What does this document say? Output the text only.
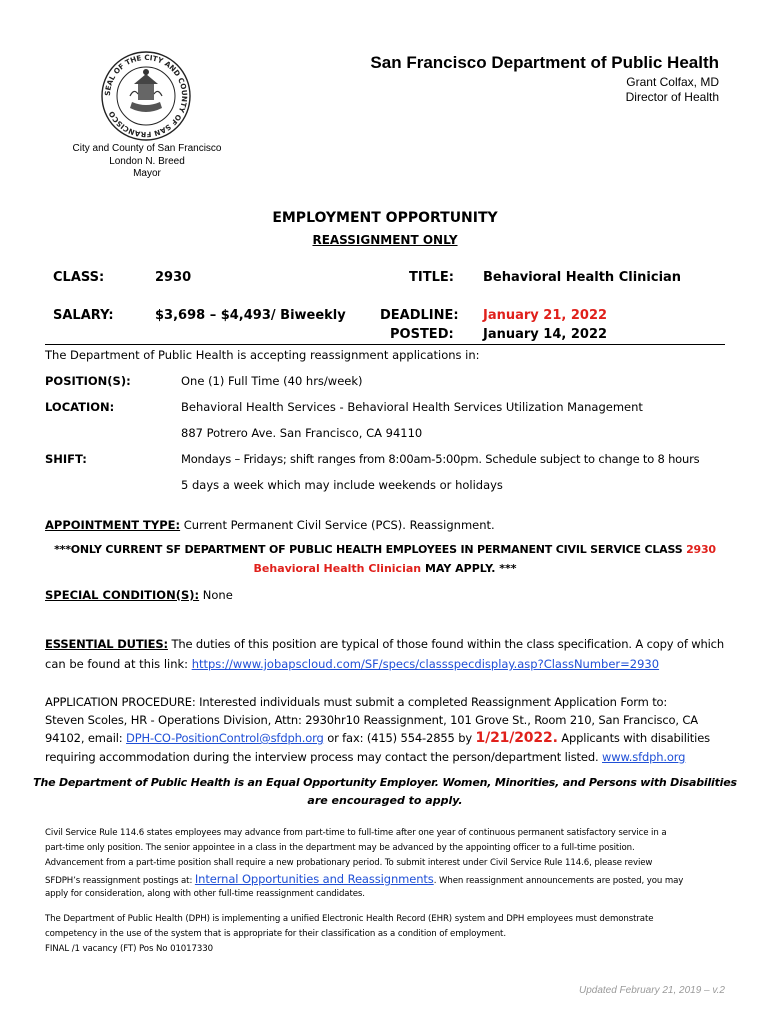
SEAL OF THE CITY AND COUNTY OF SAN FRANCISCO
San Francisco Department of Public Health
Grant Colfax, MD
Director of Health
City and County of San Francisco
London N. Breed
Mayor
EMPLOYMENT OPPORTUNITY
REASSIGNMENT ONLY
CLASS:	2930	TITLE: Behavioral Health Clinician
SALARY:	$3,698 – $4,493/ Biweekly	DEADLINE: January 21, 2022
POSTED: January 14, 2022
The Department of Public Health is accepting reassignment applications in:
POSITION(S):	One (1) Full Time (40 hrs/week)
LOCATION:	Behavioral Health Services - Behavioral Health Services Utilization Management
887 Potrero Ave. San Francisco, CA 94110
SHIFT:	Mondays – Fridays; shift ranges from 8:00am-5:00pm. Schedule subject to change to 8 hours
5 days a week which may include weekends or holidays
APPOINTMENT TYPE: Current Permanent Civil Service (PCS). Reassignment.
***ONLY CURRENT SF DEPARTMENT OF PUBLIC HEALTH EMPLOYEES IN PERMANENT CIVIL SERVICE CLASS 2930
Behavioral Health Clinician MAY APPLY. ***
SPECIAL CONDITION(S): None
ESSENTIAL DUTIES: The duties of this position are typical of those found within the class specification. A copy of which
can be found at this link: https://www.jobapscloud.com/SF/specs/classspecdisplay.asp?ClassNumber=2930
APPLICATION PROCEDURE: Interested individuals must submit a completed Reassignment Application Form to:
Steven Scoles, HR - Operations Division, Attn: 2930hr10 Reassignment, 101 Grove St., Room 210, San Francisco, CA
94102, email: DPH-CO-PositionControl@sfdph.org or fax: (415) 554-2855 by 1/21/2022. Applicants with disabilities
requiring accommodation during the interview process may contact the person/department listed. www.sfdph.org
The Department of Public Health is an Equal Opportunity Employer. Women, Minorities, and Persons with Disabilities
are encouraged to apply.
Civil Service Rule 114.6 states employees may advance from part-time to full-time after one year of continuous permanent satisfactory service in a
part-time only position. The senior appointee in a class in the department may be advanced by the appointing officer to a full-time position.
Advancement from a part-time position shall require a new probationary period. To submit interest under Civil Service Rule 114.6, please review
SFDPH’s reassignment postings at: Internal Opportunities and Reassignments. When reassignment announcements are posted, you may
apply for consideration, along with other full-time reassignment candidates.
The Department of Public Health (DPH) is implementing a unified Electronic Health Record (EHR) system and DPH employees must demonstrate
competency in the use of the system that is appropriate for their classification as a condition of employment.
FINAL /1 vacancy (FT) Pos No 01017330
Updated February 21, 2019 – v.2
